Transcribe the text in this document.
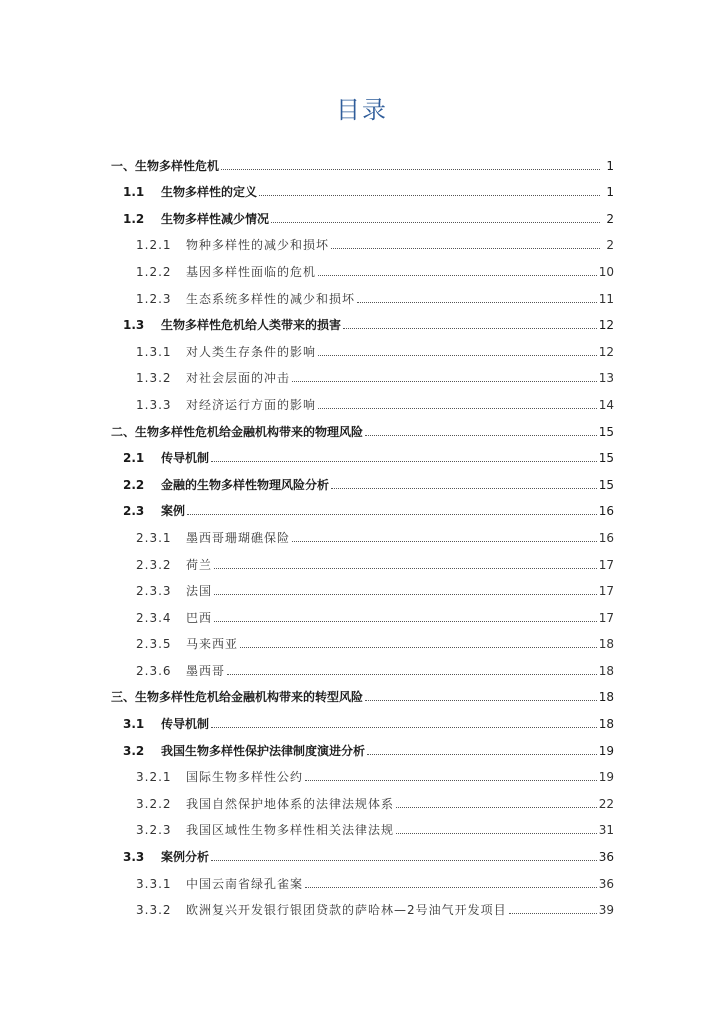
目录
一、生物多样性危机	1
1.1	生物多样性的定义	1
1.2	生物多样性减少情况	2
1.2.1	物种多样性的减少和损坏	2
1.2.2	基因多样性面临的危机	10
1.2.3	生态系统多样性的减少和损坏	11
1.3	生物多样性危机给人类带来的损害	12
1.3.1	对人类生存条件的影响	12
1.3.2	对社会层面的冲击	13
1.3.3	对经济运行方面的影响	14
二、生物多样性危机给金融机构带来的物理风险	15
2.1	传导机制	15
2.2	金融的生物多样性物理风险分析	15
2.3	案例	16
2.3.1	墨西哥珊瑚礁保险	16
2.3.2	荷兰	17
2.3.3	法国	17
2.3.4	巴西	17
2.3.5	马来西亚	18
2.3.6	墨西哥	18
三、生物多样性危机给金融机构带来的转型风险	18
3.1	传导机制	18
3.2	我国生物多样性保护法律制度演进分析	19
3.2.1	国际生物多样性公约	19
3.2.2	我国自然保护地体系的法律法规体系	22
3.2.3	我国区域性生物多样性相关法律法规	31
3.3	案例分析	36
3.3.1	中国云南省绿孔雀案	36
3.3.2	欧洲复兴开发银行银团贷款的萨哈林—2号油气开发项目	39
